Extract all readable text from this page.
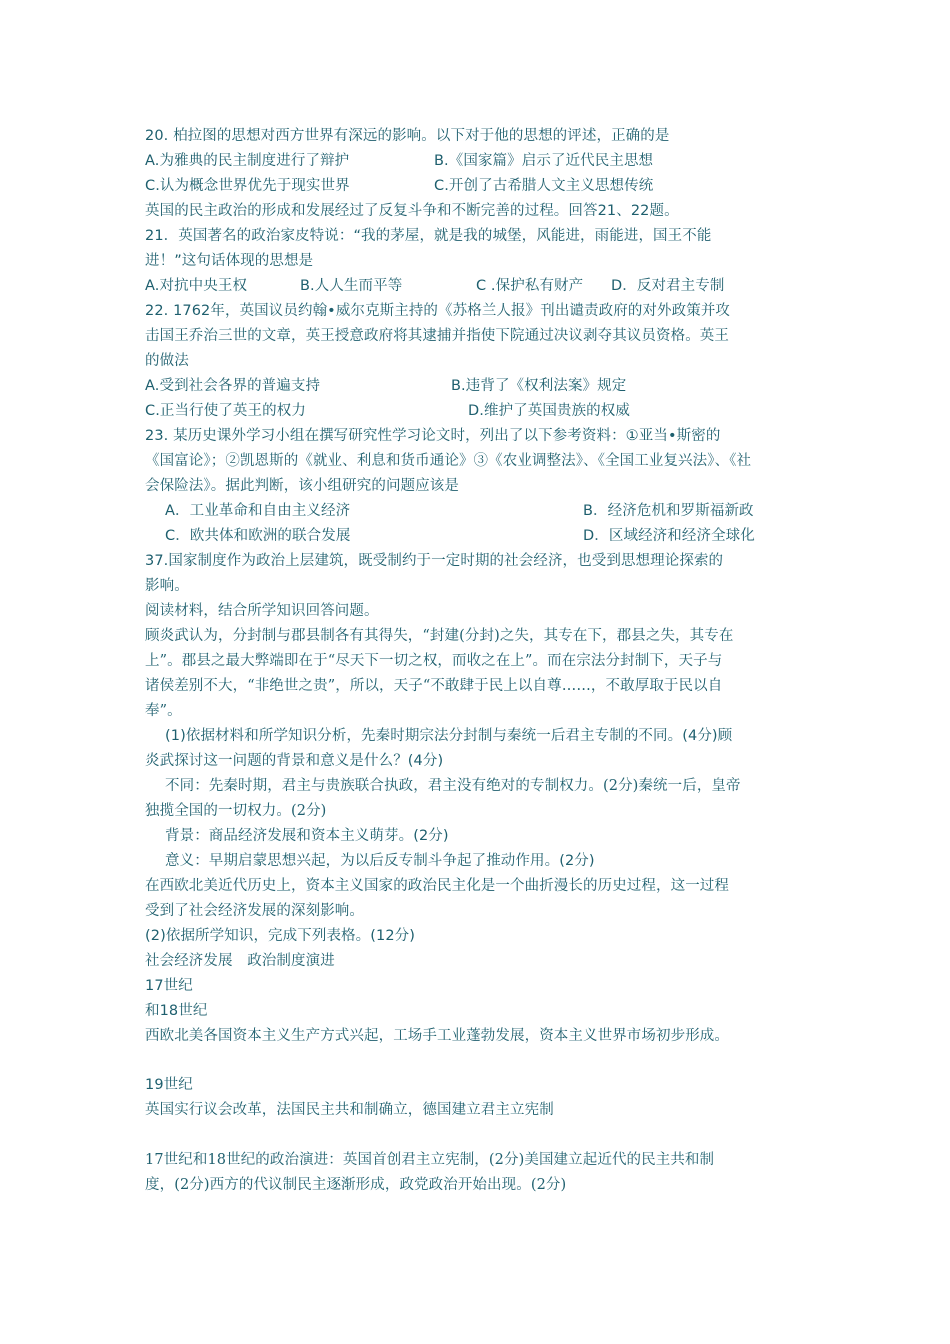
20. 柏拉图的思想对西方世界有深远的影响。以下对于他的思想的评述，正确的是
A.为雅典的民主制度进行了辩护	B.《国家篇》启示了近代民主思想
C.认为概念世界优先于现实世界	C.开创了古希腊人文主义思想传统
英国的民主政治的形成和发展经过了反复斗争和不断完善的过程。回答21、22题。
21．英国著名的政治家皮特说：“我的茅屋，就是我的城堡，风能进，雨能进，国王不能
进！”这句话体现的思想是
A.对抗中央王权	B.人人生而平等	C .保护私有财产 D．反对君主专制
22. 1762年，英国议员约翰•威尔克斯主持的《苏格兰人报》刊出谴责政府的对外政策并攻
击国王乔治三世的文章，英王授意政府将其逮捕并指使下院通过决议剥夺其议员资格。英王
的做法
A.受到社会各界的普遍支持	B.违背了《权利法案》规定
C.正当行使了英王的权力	D.维护了英国贵族的权威
23. 某历史课外学习小组在撰写研究性学习论文时，列出了以下参考资料：①亚当•斯密的
《国富论》；②凯恩斯的《就业、利息和货币通论》③《农业调整法》、《全国工业复兴法》、《社
会保险法》。据此判断，该小组研究的问题应该是
A．工业革命和自由主义经济	B．经济危机和罗斯福新政
C．欧共体和欧洲的联合发展	D．区域经济和经济全球化
37.国家制度作为政治上层建筑，既受制约于一定时期的社会经济，也受到思想理论探索的
影响。
阅读材料，结合所学知识回答问题。
顾炎武认为，分封制与郡县制各有其得失，“封建(分封)之失，其专在下，郡县之失，其专在
上”。郡县之最大弊端即在于“尽天下一切之权，而收之在上”。而在宗法分封制下，天子与
诸侯差别不大，“非绝世之贵”，所以，天子“不敢肆于民上以自尊……，不敢厚取于民以自
奉”。
(1)依据材料和所学知识分析，先秦时期宗法分封制与秦统一后君主专制的不同。(4分)顾
炎武探讨这一问题的背景和意义是什么？(4分)
不同：先秦时期，君主与贵族联合执政，君主没有绝对的专制权力。(2分)秦统一后，皇帝
独揽全国的一切权力。(2分)
背景：商品经济发展和资本主义萌芽。(2分)
意义：早期启蒙思想兴起，为以后反专制斗争起了推动作用。(2分)
在西欧北美近代历史上，资本主义国家的政治民主化是一个曲折漫长的历史过程，这一过程
受到了社会经济发展的深刻影响。
(2)依据所学知识，完成下列表格。(12分)
社会经济发展　政治制度演进
17世纪
和18世纪
西欧北美各国资本主义生产方式兴起，工场手工业蓬勃发展，资本主义世界市场初步形成。
19世纪
英国实行议会改革，法国民主共和制确立，德国建立君主立宪制
17世纪和18世纪的政治演进：英国首创君主立宪制，(2分)美国建立起近代的民主共和制
度，(2分)西方的代议制民主逐渐形成，政党政治开始出现。(2分)
